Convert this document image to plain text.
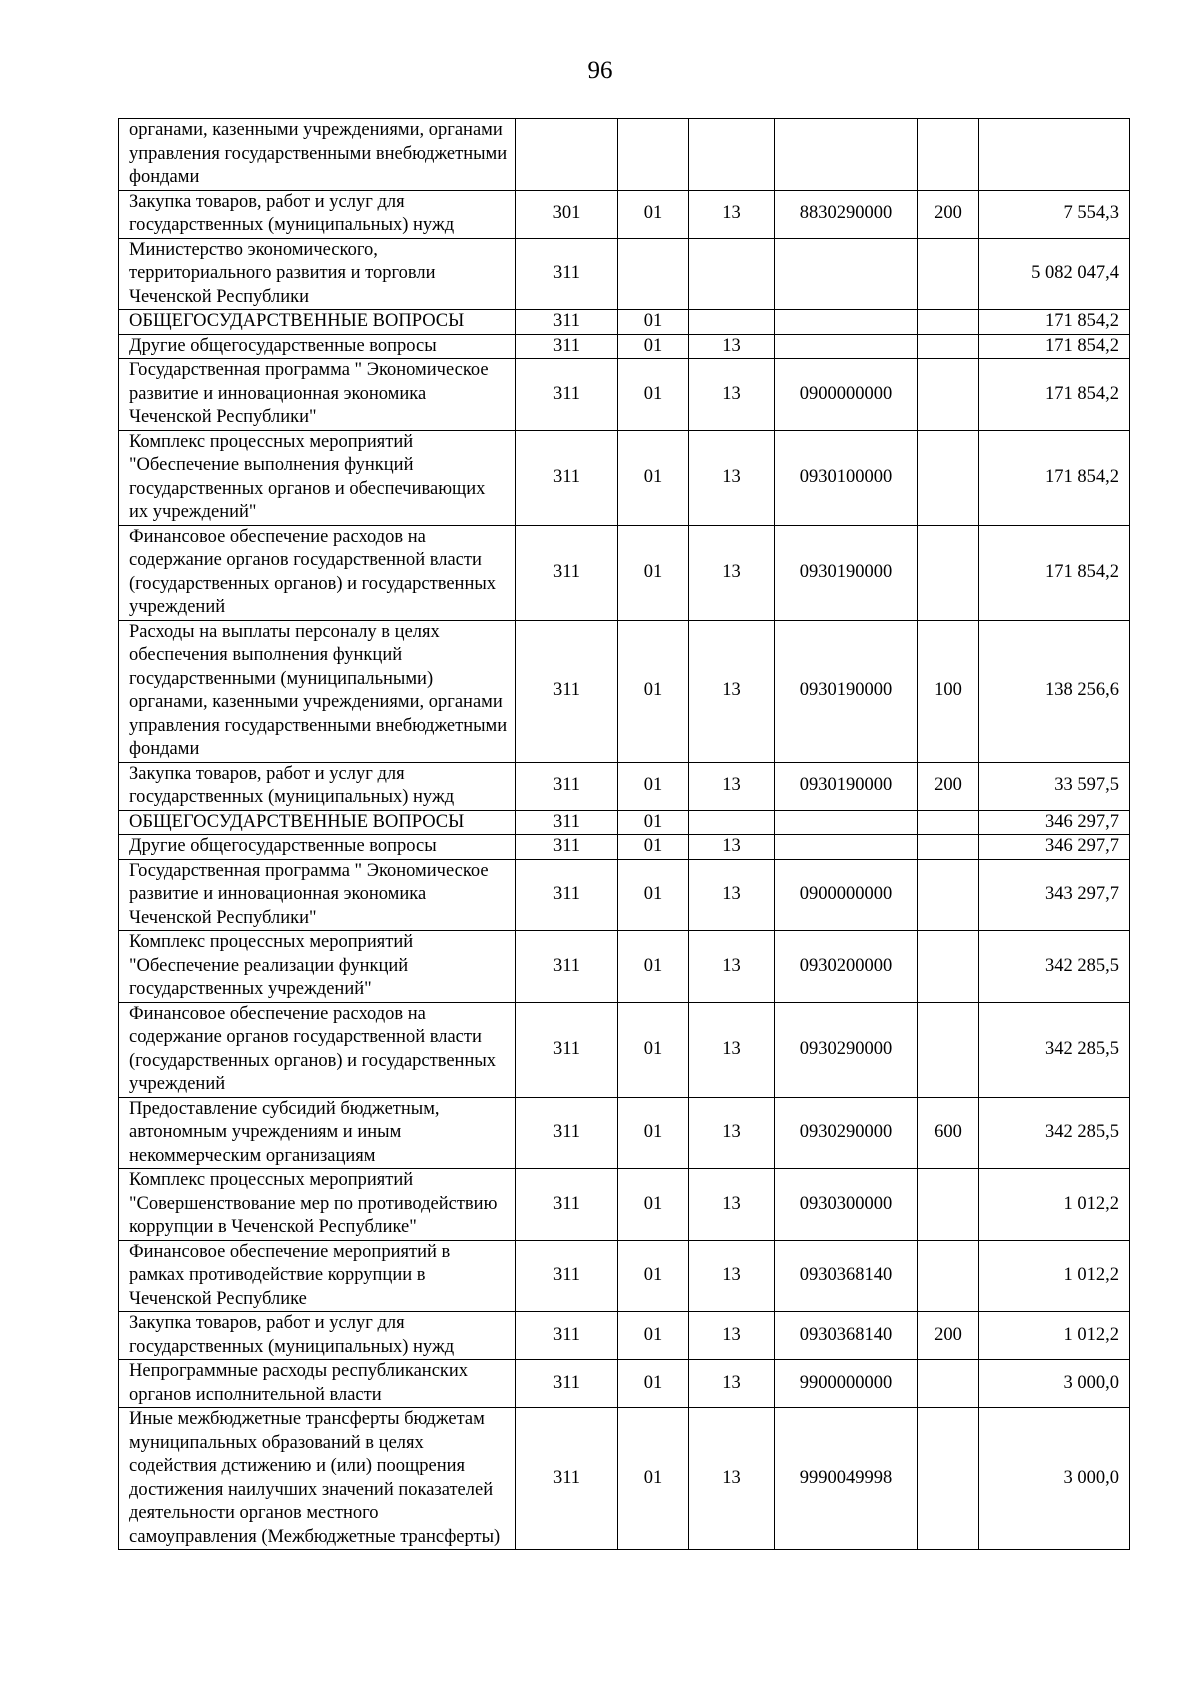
96
органами, казенными учреждениями, органами управления государственными внебюджетными фондами						
Закупка товаров, работ и услуг для государственных (муниципальных) нужд	301	01	13	8830290000	200	7 554,3
Министерство экономического, территориального развития и торговли Чеченской Республики	311					5 082 047,4
ОБЩЕГОСУДАРСТВЕННЫЕ ВОПРОСЫ	311	01				171 854,2
Другие общегосударственные вопросы	311	01	13			171 854,2
Государственная программа " Экономическое развитие и инновационная экономика Чеченской Республики"	311	01	13	0900000000		171 854,2
Комплекс процессных мероприятий "Обеспечение выполнения функций государственных органов и обеспечивающих их учреждений"	311	01	13	0930100000		171 854,2
Финансовое обеспечение расходов на содержание органов государственной власти (государственных органов) и государственных учреждений	311	01	13	0930190000		171 854,2
Расходы на выплаты персоналу в целях обеспечения выполнения функций государственными (муниципальными) органами, казенными учреждениями, органами управления государственными внебюджетными фондами	311	01	13	0930190000	100	138 256,6
Закупка товаров, работ и услуг для государственных (муниципальных) нужд	311	01	13	0930190000	200	33 597,5
ОБЩЕГОСУДАРСТВЕННЫЕ ВОПРОСЫ	311	01				346 297,7
Другие общегосударственные вопросы	311	01	13			346 297,7
Государственная программа " Экономическое развитие и инновационная экономика Чеченской Республики"	311	01	13	0900000000		343 297,7
Комплекс процессных мероприятий "Обеспечение реализации функций государственных учреждений"	311	01	13	0930200000		342 285,5
Финансовое обеспечение расходов на содержание органов государственной власти (государственных органов) и государственных учреждений	311	01	13	0930290000		342 285,5
Предоставление субсидий бюджетным, автономным учреждениям и иным некоммерческим организациям	311	01	13	0930290000	600	342 285,5
Комплекс процессных мероприятий "Совершенствование мер по противодействию коррупции в Чеченской Республике"	311	01	13	0930300000		1 012,2
Финансовое обеспечение мероприятий в рамках противодействие коррупции в Чеченской Республике	311	01	13	0930368140		1 012,2
Закупка товаров, работ и услуг для государственных (муниципальных) нужд	311	01	13	0930368140	200	1 012,2
Непрограммные расходы республиканских органов исполнительной власти	311	01	13	9900000000		3 000,0
Иные межбюджетные трансферты бюджетам муниципальных образований в целях содействия дстижению и (или) поощрения достижения наилучших значений показателей деятельности органов местного самоуправления (Межбюджетные трансферты)	311	01	13	9990049998		3 000,0
